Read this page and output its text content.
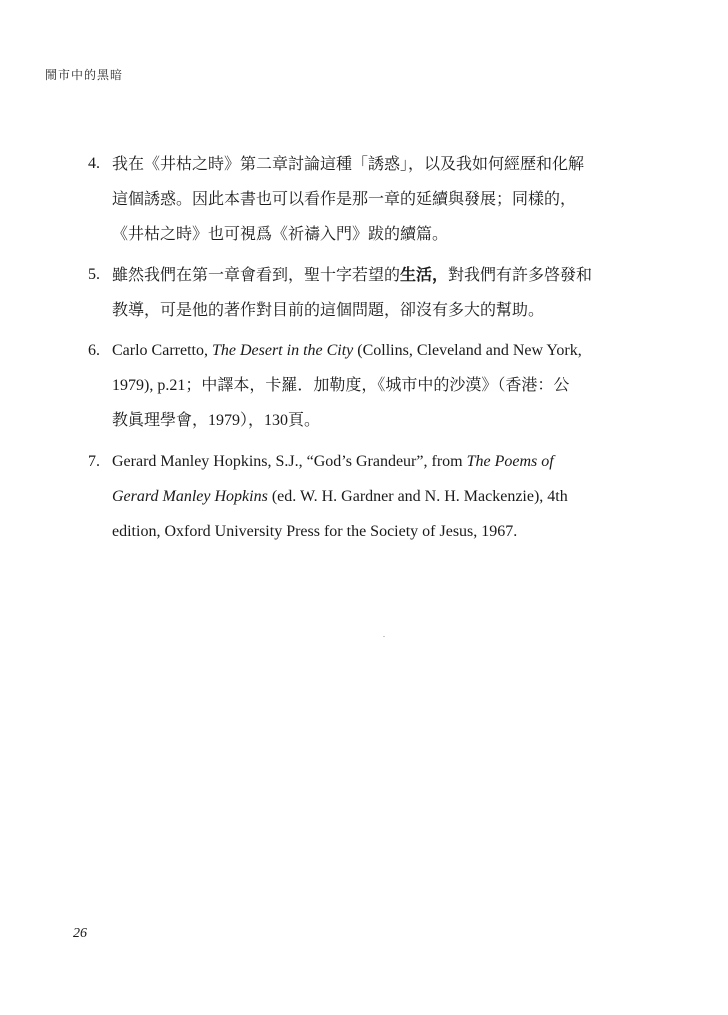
鬧市中的黑暗
4. 我在《井枯之時》第二章討論這種「誘惑」，以及我如何經歷和化解
這個誘惑。因此本書也可以看作是那一章的延續與發展；同樣的，
《井枯之時》也可視爲《祈禱入門》跋的續篇。
5. 雖然我們在第一章會看到，聖十字若望的生活，對我們有許多啓發和
教導，可是他的著作對目前的這個問題，卻沒有多大的幫助。
6. Carlo Carretto, The Desert in the City (Collins, Cleveland and New York,
1979), p.21；中譯本，卡羅．加勒度，《城市中的沙漠》（香港：公
教眞理學會，1979），130頁。
7. Gerard Manley Hopkins, S.J., “God’s Grandeur”, from The Poems of
Gerard Manley Hopkins (ed. W. H. Gardner and N. H. Mackenzie), 4th
edition, Oxford University Press for the Society of Jesus, 1967.
26
